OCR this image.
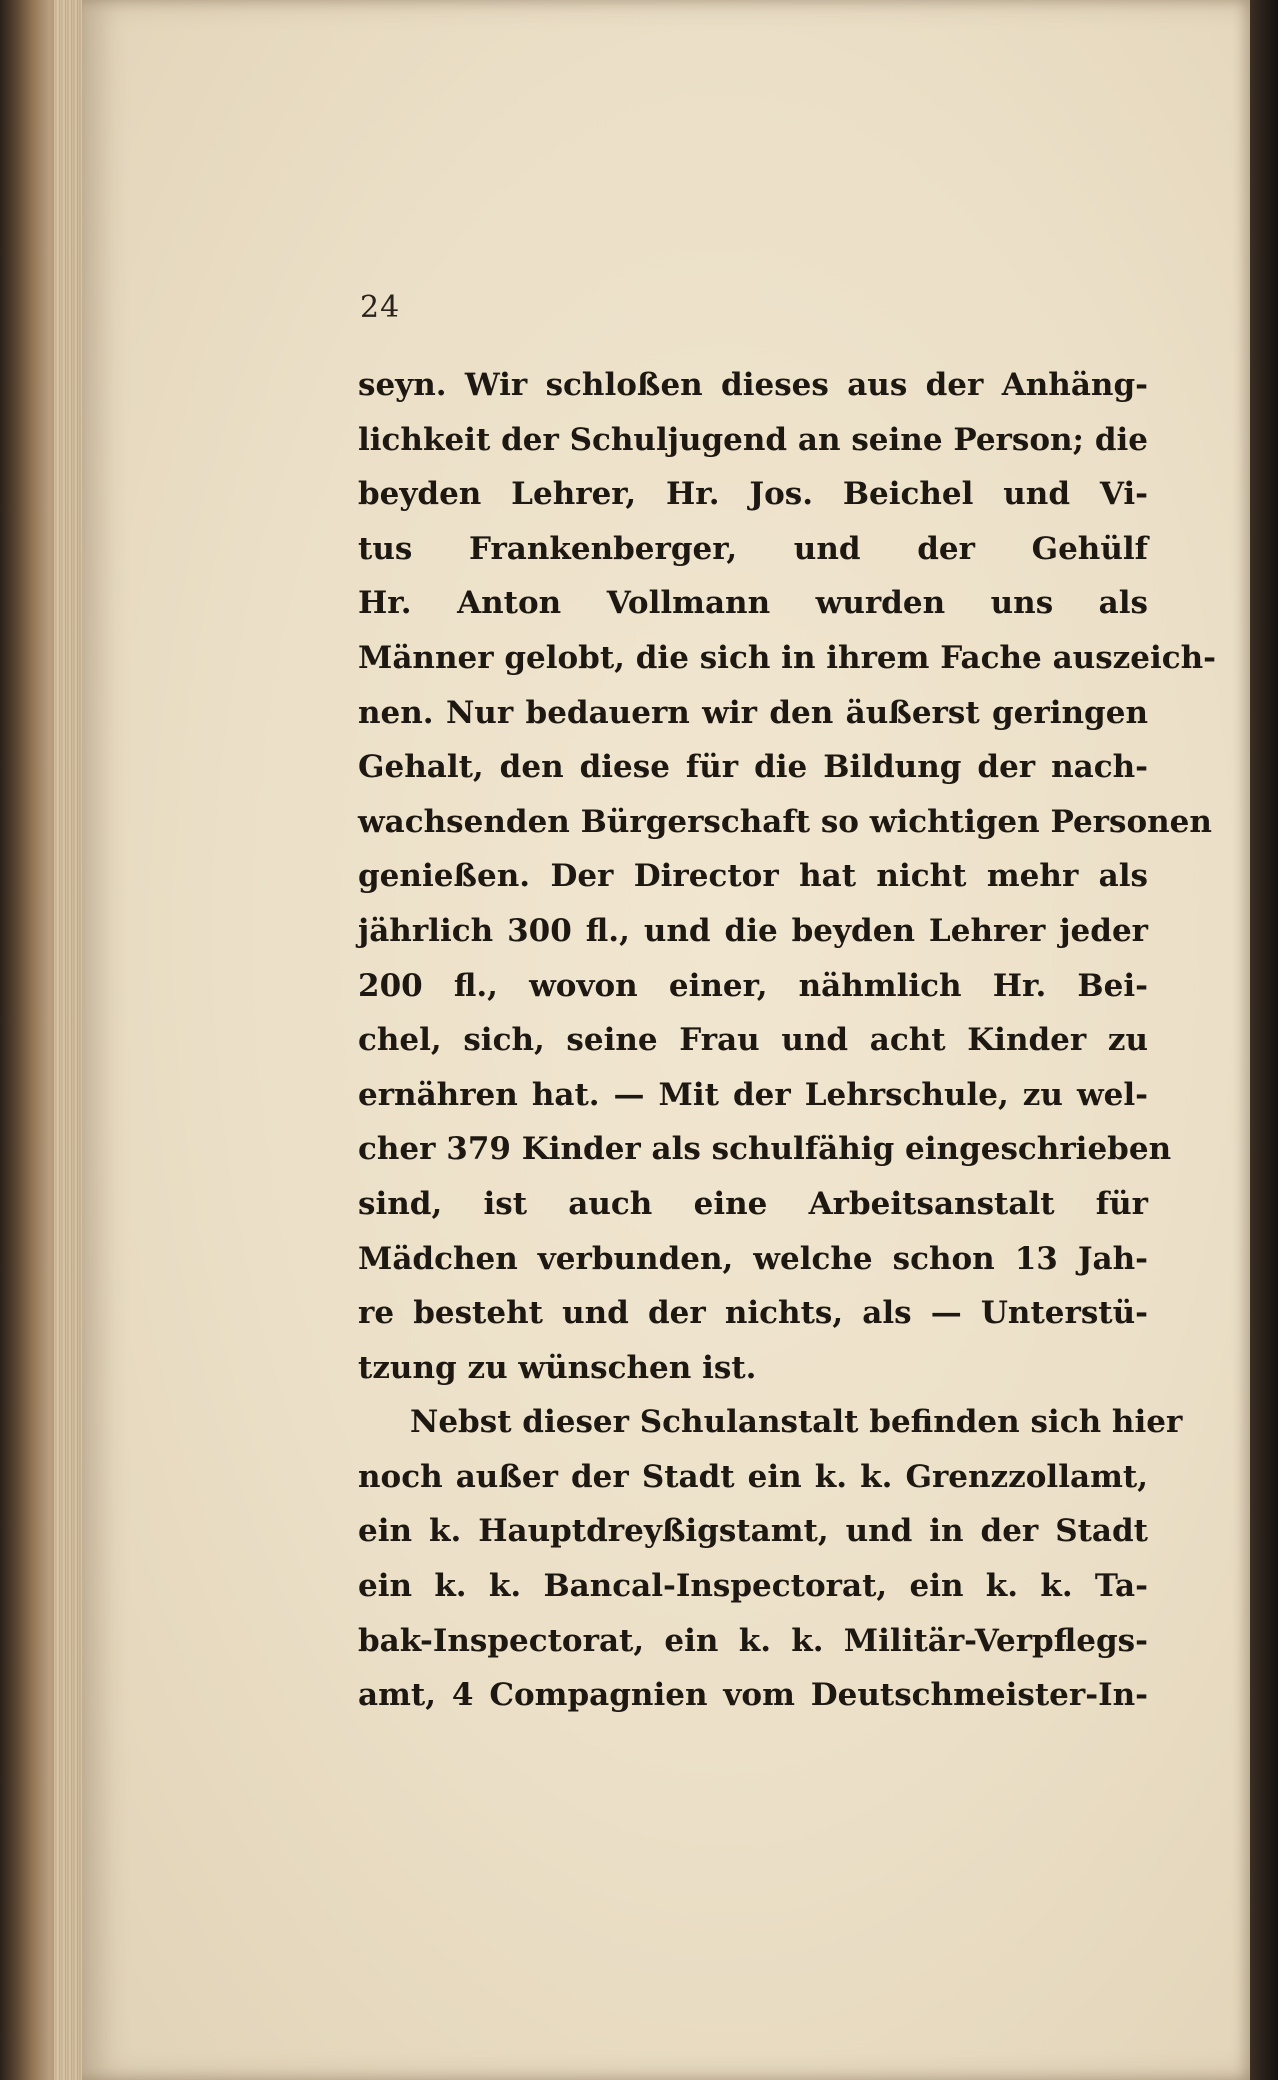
24
seyn. Wir schloßen dieses aus der Anhäng-
lichkeit der Schuljugend an seine Person; die
beyden Lehrer, Hr. Jos. Beichel und Vi-
tus Frankenberger, und der Gehülf
Hr. Anton Vollmann wurden uns als
Männer gelobt, die sich in ihrem Fache auszeich-
nen. Nur bedauern wir den äußerst geringen
Gehalt, den diese für die Bildung der nach-
wachsenden Bürgerschaft so wichtigen Personen
genießen. Der Director hat nicht mehr als
jährlich 300 fl., und die beyden Lehrer jeder
200 fl., wovon einer, nähmlich Hr. Bei-
chel, sich, seine Frau und acht Kinder zu
ernähren hat. — Mit der Lehrschule, zu wel-
cher 379 Kinder als schulfähig eingeschrieben
sind, ist auch eine Arbeitsanstalt für
Mädchen verbunden, welche schon 13 Jah-
re besteht und der nichts, als — Unterstü-
tzung zu wünschen ist.
Nebst dieser Schulanstalt befinden sich hier
noch außer der Stadt ein k. k. Grenzzollamt,
ein k. Hauptdreyßigstamt, und in der Stadt
ein k. k. Bancal-Inspectorat, ein k. k. Ta-
bak-Inspectorat, ein k. k. Militär-Verpflegs-
amt, 4 Compagnien vom Deutschmeister-In-
